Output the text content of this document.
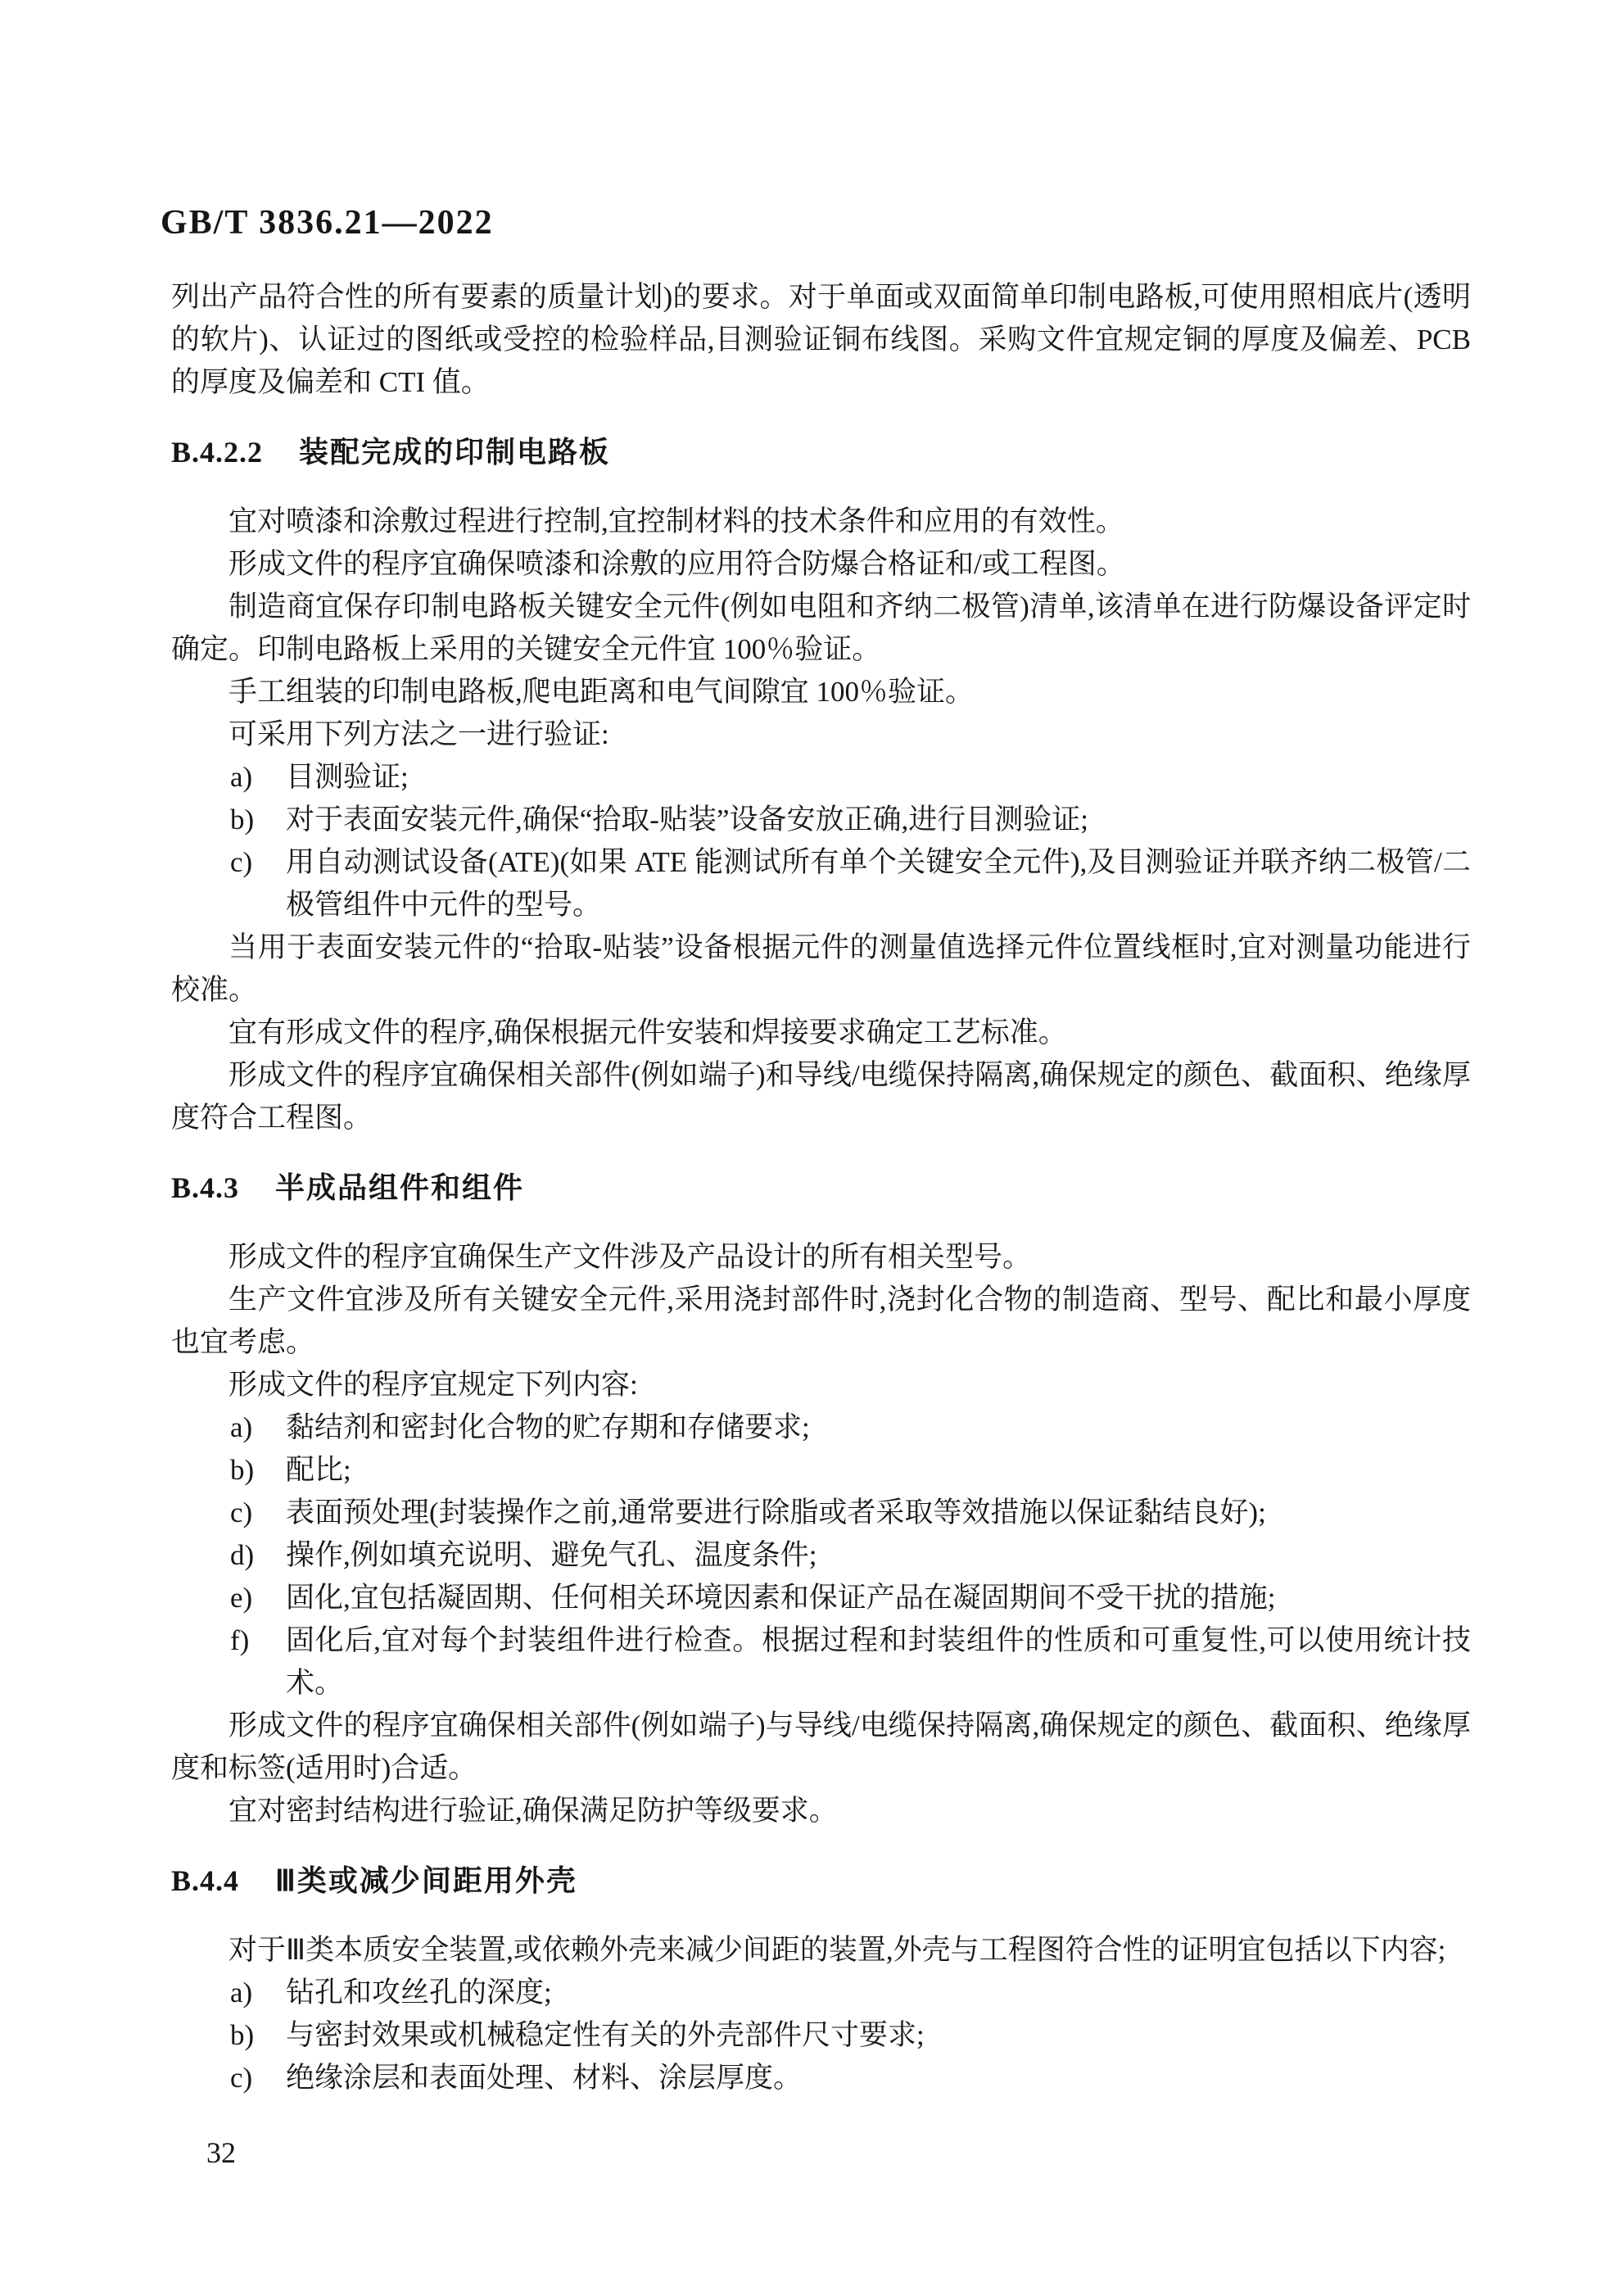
GB/T 3836.21—2022

列出产品符合性的所有要素的质量计划)的要求。对于单面或双面简单印制电路板,可使用照相底片(透明的软片)、认证过的图纸或受控的检验样品,目测验证铜布线图。采购文件宜规定铜的厚度及偏差、PCB 的厚度及偏差和 CTI 值。

B.4.2.2 装配完成的印制电路板

宜对喷漆和涂敷过程进行控制,宜控制材料的技术条件和应用的有效性。

形成文件的程序宜确保喷漆和涂敷的应用符合防爆合格证和/或工程图。

制造商宜保存印制电路板关键安全元件(例如电阻和齐纳二极管)清单,该清单在进行防爆设备评定时确定。印制电路板上采用的关键安全元件宜 100％验证。

手工组装的印制电路板,爬电距离和电气间隙宜 100％验证。

可采用下列方法之一进行验证:

a) 目测验证;
b) 对于表面安装元件,确保“拾取-贴装”设备安放正确,进行目测验证;
c) 用自动测试设备(ATE)(如果 ATE 能测试所有单个关键安全元件),及目测验证并联齐纳二极管/二极管组件中元件的型号。

当用于表面安装元件的“拾取-贴装”设备根据元件的测量值选择元件位置线框时,宜对测量功能进行校准。

宜有形成文件的程序,确保根据元件安装和焊接要求确定工艺标准。

形成文件的程序宜确保相关部件(例如端子)和导线/电缆保持隔离,确保规定的颜色、截面积、绝缘厚度符合工程图。

B.4.3 半成品组件和组件

形成文件的程序宜确保生产文件涉及产品设计的所有相关型号。

生产文件宜涉及所有关键安全元件,采用浇封部件时,浇封化合物的制造商、型号、配比和最小厚度也宜考虑。

形成文件的程序宜规定下列内容:

a) 黏结剂和密封化合物的贮存期和存储要求;
b) 配比;
c) 表面预处理(封装操作之前,通常要进行除脂或者采取等效措施以保证黏结良好);
d) 操作,例如填充说明、避免气孔、温度条件;
e) 固化,宜包括凝固期、任何相关环境因素和保证产品在凝固期间不受干扰的措施;
f) 固化后,宜对每个封装组件进行检查。根据过程和封装组件的性质和可重复性,可以使用统计技术。

形成文件的程序宜确保相关部件(例如端子)与导线/电缆保持隔离,确保规定的颜色、截面积、绝缘厚度和标签(适用时)合适。

宜对密封结构进行验证,确保满足防护等级要求。

B.4.4 Ⅲ类或减少间距用外壳

对于Ⅲ类本质安全装置,或依赖外壳来减少间距的装置,外壳与工程图符合性的证明宜包括以下内容;

a) 钻孔和攻丝孔的深度;
b) 与密封效果或机械稳定性有关的外壳部件尺寸要求;
c) 绝缘涂层和表面处理、材料、涂层厚度。
32
